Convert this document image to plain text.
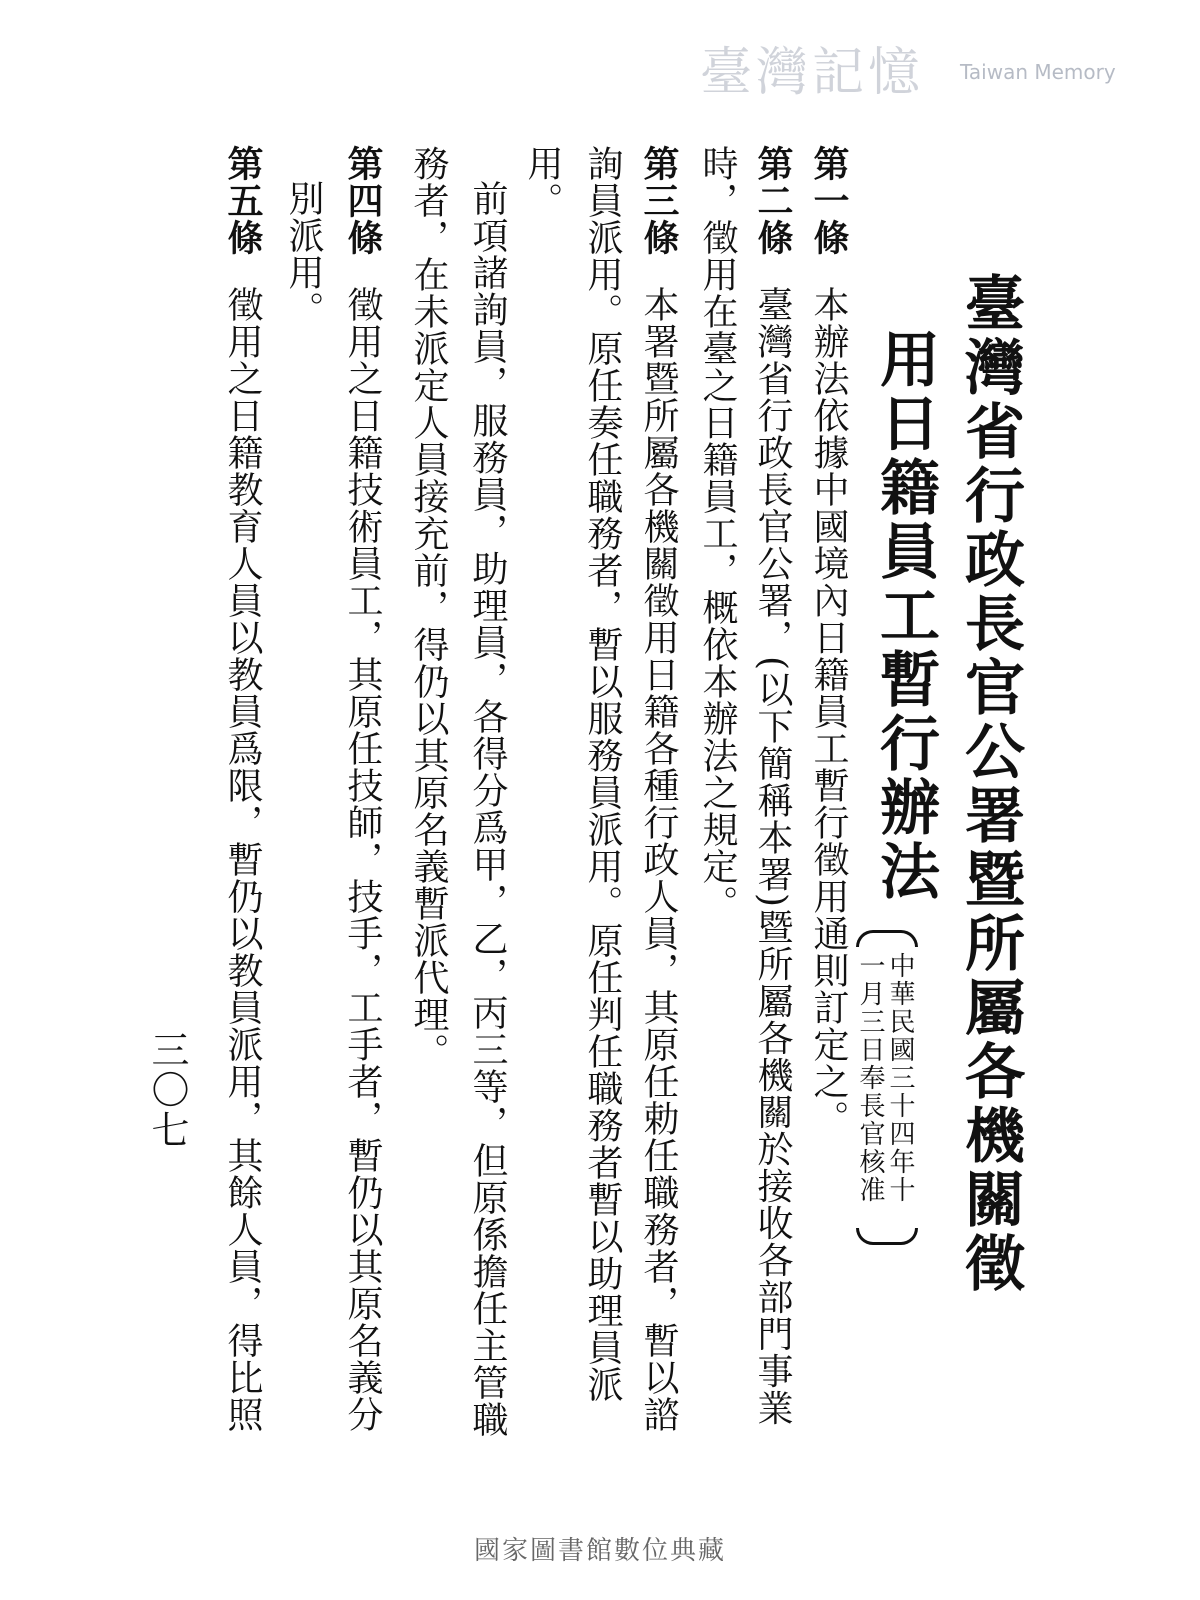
臺灣省行政長官公署暨所屬各機關徵
用日籍員工暫行辦法
中華民國三十四年十
一月三日奉長官核准
第一條本辦法依據中國境內日籍員工暫行徵用通則訂定之。
第二條臺灣省行政長官公署，(以下簡稱本署)暨所屬各機關於接收各部門事業
時，徵用在臺之日籍員工，概依本辦法之規定。
第三條本署暨所屬各機關徵用日籍各種行政人員，其原任勅任職務者，暫以諮
詢員派用。原任奏任職務者，暫以服務員派用。原任判任職務者暫以助理員派
用。
前項諸詢員，服務員，助理員，各得分爲甲，乙，丙三等，但原係擔任主管職
務者，在未派定人員接充前，得仍以其原名義暫派代理。
第四條徵用之日籍技術員工，其原任技師，技手，工手者，暫仍以其原名義分
別派用。
第五條徵用之日籍教育人員以教員爲限，暫仍以教員派用，其餘人員，得比照
臺灣記憶 Taiwan Memory
三〇七
國家圖書館數位典藏
